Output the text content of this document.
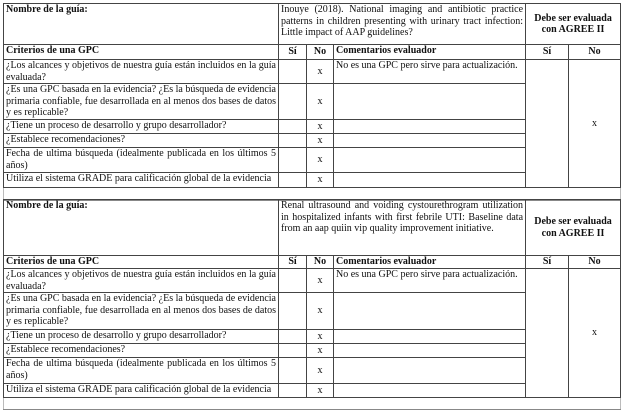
Nombre de la guía:	Inouye (2018). National imaging and antibiotic practice patterns in children presenting with urinary tract infection: Little impact of AAP guidelines?			Debe ser evaluada con AGREE II	
Criterios de una GPC	Sí	No	Comentarios evaluador	Sí	No
¿Los alcances y objetivos de nuestra guía están incluidos en la guía evaluada?		x	No es una GPC pero sirve para actualización.		x
¿Es una GPC basada en la evidencia? ¿Es la búsqueda de evidencia primaria confiable, fue desarrollada en al menos dos bases de datos y es replicable?		x			
¿Tiene un proceso de desarrollo y grupo desarrollador?		x			
¿Establece recomendaciones?		x			
Fecha de ultima búsqueda (idealmente publicada en los últimos 5 años)		x			
Utiliza el sistema GRADE para calificación global de la evidencia		x			

Nombre de la guía:	Renal ultrasound and voiding cystourethrogram utilization in hospitalized infants with first febrile UTI: Baseline data from an aap quiin vip quality improvement initiative.			Debe ser evaluada con AGREE II	
Criterios de una GPC	Sí	No	Comentarios evaluador	Sí	No
¿Los alcances y objetivos de nuestra guía están incluidos en la guía evaluada?		x	No es una GPC pero sirve para actualización.		x
¿Es una GPC basada en la evidencia? ¿Es la búsqueda de evidencia primaria confiable, fue desarrollada en al menos dos bases de datos y es replicable?		x			
¿Tiene un proceso de desarrollo y grupo desarrollador?		x			
¿Establece recomendaciones?		x			
Fecha de ultima búsqueda (idealmente publicada en los últimos 5 años)		x			
Utiliza el sistema GRADE para calificación global de la evidencia		x			
